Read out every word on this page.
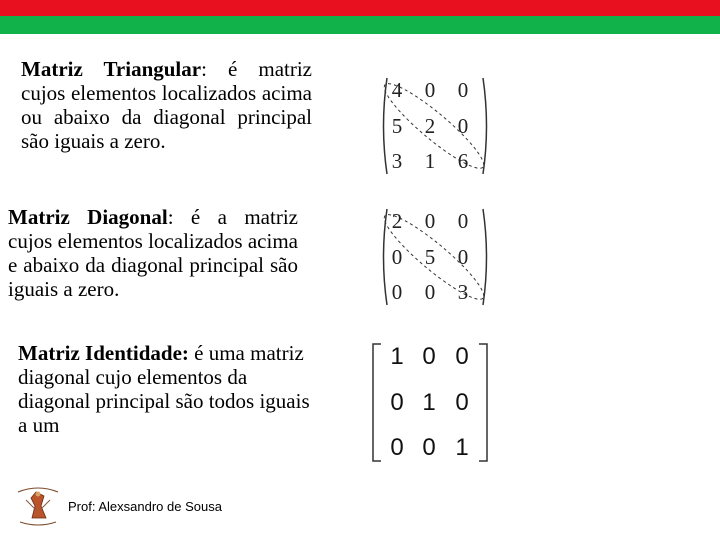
Matriz Triangular: é matriz cujos elementos localizados acima ou abaixo da diagonal principal são iguais a zero.
4	0	0
5	2	0
3	1	6
Matriz Diagonal: é a matriz cujos elementos localizados acima e abaixo da diagonal principal são iguais a zero.
2	0	0
0	5	0
0	0	3
Matriz Identidade: é uma matriz diagonal cujo elementos da diagonal principal são todos iguais a um
1 0 0
0 1 0
0 0 1
Prof: Alexsandro de Sousa
